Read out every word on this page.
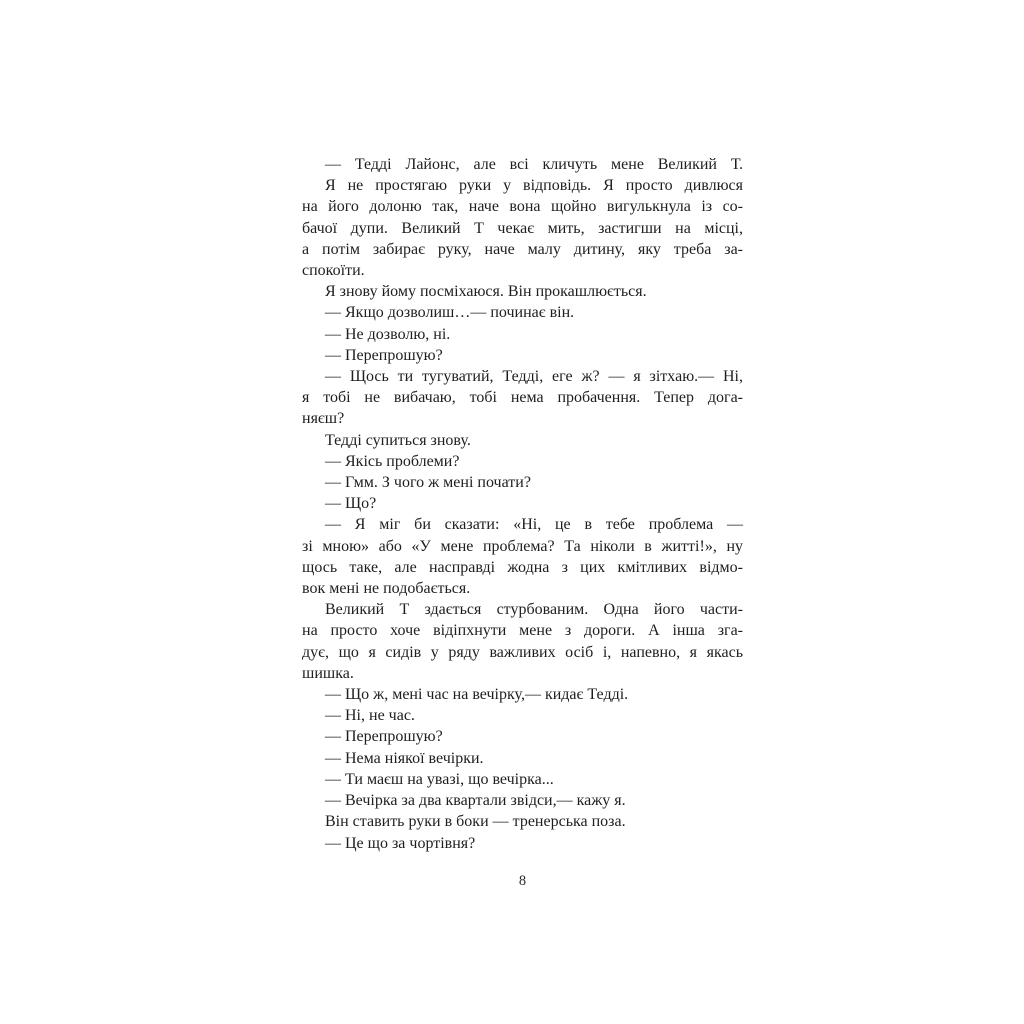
— Тедді Лайонс, але всі кличуть мене Великий Т.
Я не простягаю руки у відповідь. Я просто дивлюся
на його долоню так, наче вона щойно вигулькнула із со-
бачої дупи. Великий Т чекає мить, застигши на місці,
а потім забирає руку, наче малу дитину, яку треба за-
спокоїти.
Я знову йому посміхаюся. Він прокашлюється.
— Якщо дозволиш…— починає він.
— Не дозволю, ні.
— Перепрошую?
— Щось ти тугуватий, Тедді, еге ж? — я зітхаю.— Ні,
я тобі не вибачаю, тобі нема пробачення. Тепер дога-
няєш?
Тедді супиться знову.
— Якісь проблеми?
— Гмм. З чого ж мені почати?
— Що?
— Я міг би сказати: «Ні, це в тебе проблема —
зі мною» або «У мене проблема? Та ніколи в житті!», ну
щось таке, але насправді жодна з цих кмітливих відмо-
вок мені не подобається.
Великий Т здається стурбованим. Одна його части-
на просто хоче відіпхнути мене з дороги. А інша зга-
дує, що я сидів у ряду важливих осіб і, напевно, я якась
шишка.
— Що ж, мені час на вечірку,— кидає Тедді.
— Ні, не час.
— Перепрошую?
— Нема ніякої вечірки.
— Ти маєш на увазі, що вечірка...
— Вечірка за два квартали звідси,— кажу я.
Він ставить руки в боки — тренерська поза.
— Це що за чортівня?
8
